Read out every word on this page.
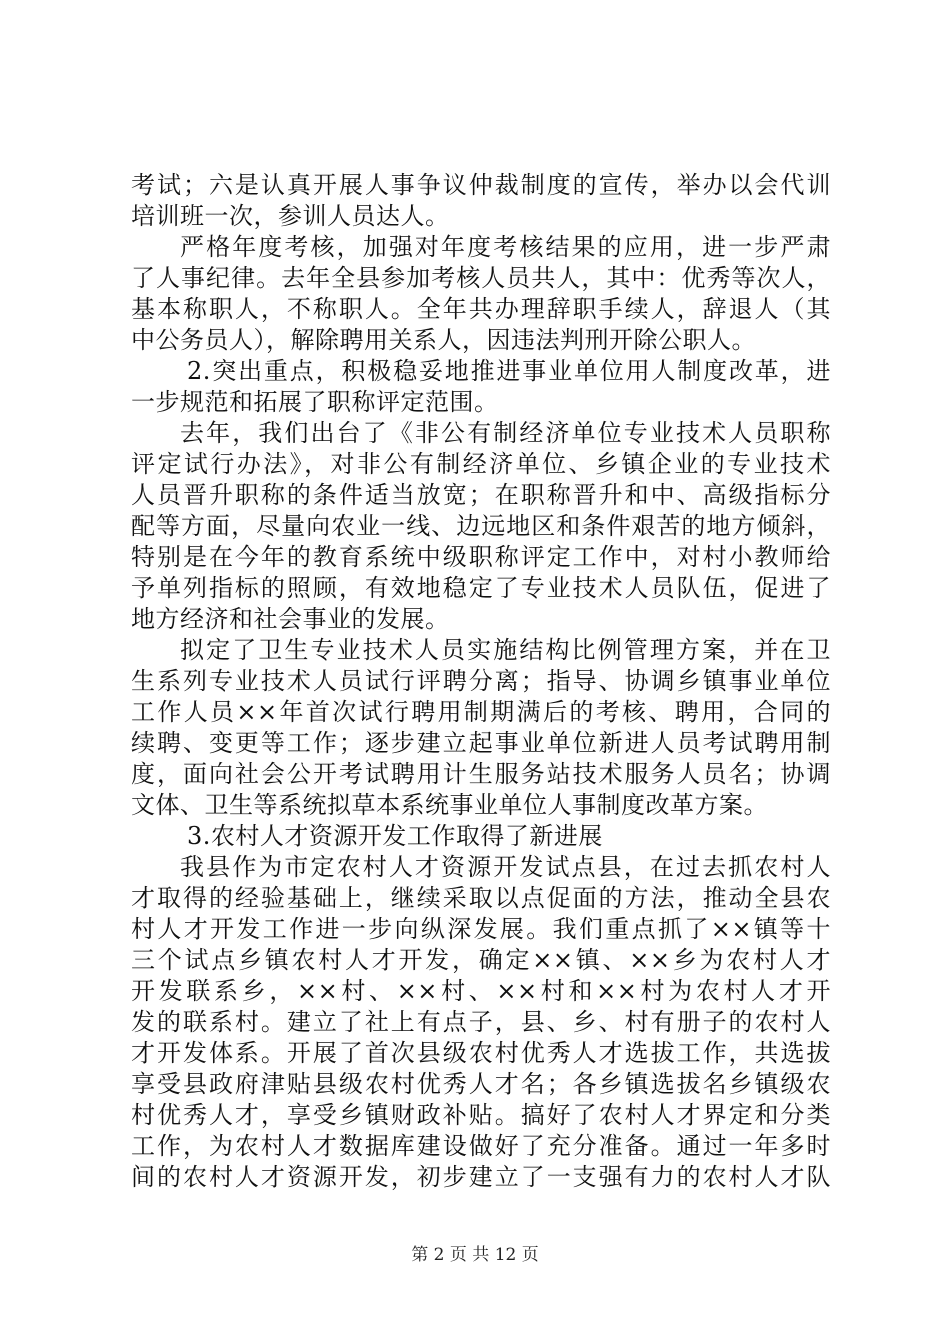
考试；六是认真开展人事争议仲裁制度的宣传，举办以会代训
培训班一次，参训人员达人。
严格年度考核，加强对年度考核结果的应用，进一步严肃
了人事纪律。去年全县参加考核人员共人，其中：优秀等次人，
基本称职人，不称职人。全年共办理辞职手续人，辞退人（其
中公务员人），解除聘用关系人，因违法判刑开除公职人。
2.突出重点，积极稳妥地推进事业单位用人制度改革，进
一步规范和拓展了职称评定范围。
去年，我们出台了《非公有制经济单位专业技术人员职称
评定试行办法》，对非公有制经济单位、乡镇企业的专业技术
人员晋升职称的条件适当放宽；在职称晋升和中、高级指标分
配等方面，尽量向农业一线、边远地区和条件艰苦的地方倾斜，
特别是在今年的教育系统中级职称评定工作中，对村小教师给
予单列指标的照顾，有效地稳定了专业技术人员队伍，促进了
地方经济和社会事业的发展。
拟定了卫生专业技术人员实施结构比例管理方案，并在卫
生系列专业技术人员试行评聘分离；指导、协调乡镇事业单位
工作人员××年首次试行聘用制期满后的考核、聘用，合同的
续聘、变更等工作；逐步建立起事业单位新进人员考试聘用制
度，面向社会公开考试聘用计生服务站技术服务人员名；协调
文体、卫生等系统拟草本系统事业单位人事制度改革方案。
3.农村人才资源开发工作取得了新进展
我县作为市定农村人才资源开发试点县，在过去抓农村人
才取得的经验基础上，继续采取以点促面的方法，推动全县农
村人才开发工作进一步向纵深发展。我们重点抓了××镇等十
三个试点乡镇农村人才开发，确定××镇、××乡为农村人才
开发联系乡，××村、××村、××村和××村为农村人才开
发的联系村。建立了社上有点子，县、乡、村有册子的农村人
才开发体系。开展了首次县级农村优秀人才选拔工作，共选拔
享受县政府津贴县级农村优秀人才名；各乡镇选拔名乡镇级农
村优秀人才，享受乡镇财政补贴。搞好了农村人才界定和分类
工作，为农村人才数据库建设做好了充分准备。通过一年多时
间的农村人才资源开发，初步建立了一支强有力的农村人才队
第 2 页 共 12 页
